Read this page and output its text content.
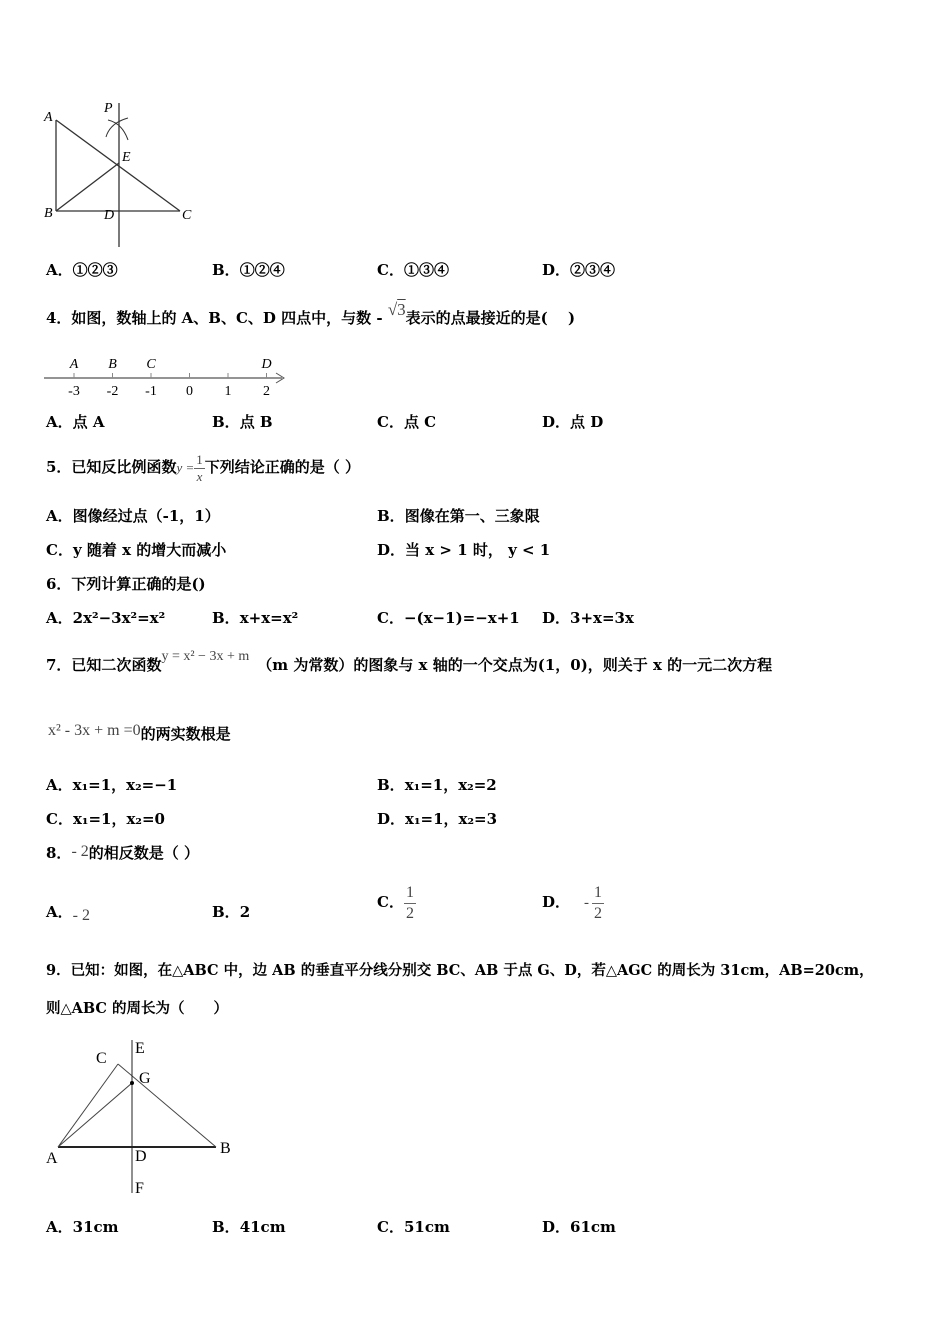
A
P
E
B	D	C
A．①②③	B．①②④	C．①③④	D．②③④
4．如图，数轴上的 A、B、C、D 四点中，与数 - √3表示的点最接近的是(　 )
-3 -2 -1 0 1 2
A B C	D
A．点 A	B．点 B	C．点 C	D．点 D
5．已知反比例函数$y = \frac{1}{x}$ 下列结论正确的是（ ）
A．图像经过点（-1，1）	B．图像在第一、三象限
C．y 随着 x 的增大而减小	D．当 x > 1 时， y < 1
6．下列计算正确的是()
A．2x²−3x²=x²	B．x+x=x²	C．−(x−1)=−x+1 D．3+x=3x
7．已知二次函数y = x² − 3x + m （m 为常数）的图象与 x 轴的一个交点为(1，0)，则关于 x 的一元二次方程
x² - 3x + m =0的两实数根是
A．x₁=1，x₂=−1	B．x₁=1，x₂=2
C．x₁=1，x₂=0	D．x₁=1，x₂=3
8．- 2的相反数是（ ）
A．- 2	B．2
C． $\frac{1}{2}$	D． - $\frac{1}{2}$
9．已知：如图，在△ABC 中，边 AB 的垂直平分线分别交 BC、AB 于点 G、D，若△AGC 的周长为 31cm，AB=20cm，
则△ABC 的周长为（　　）
A
B
C
D
E
F
G
A．31cm	B．41cm	C．51cm	D．61cm
